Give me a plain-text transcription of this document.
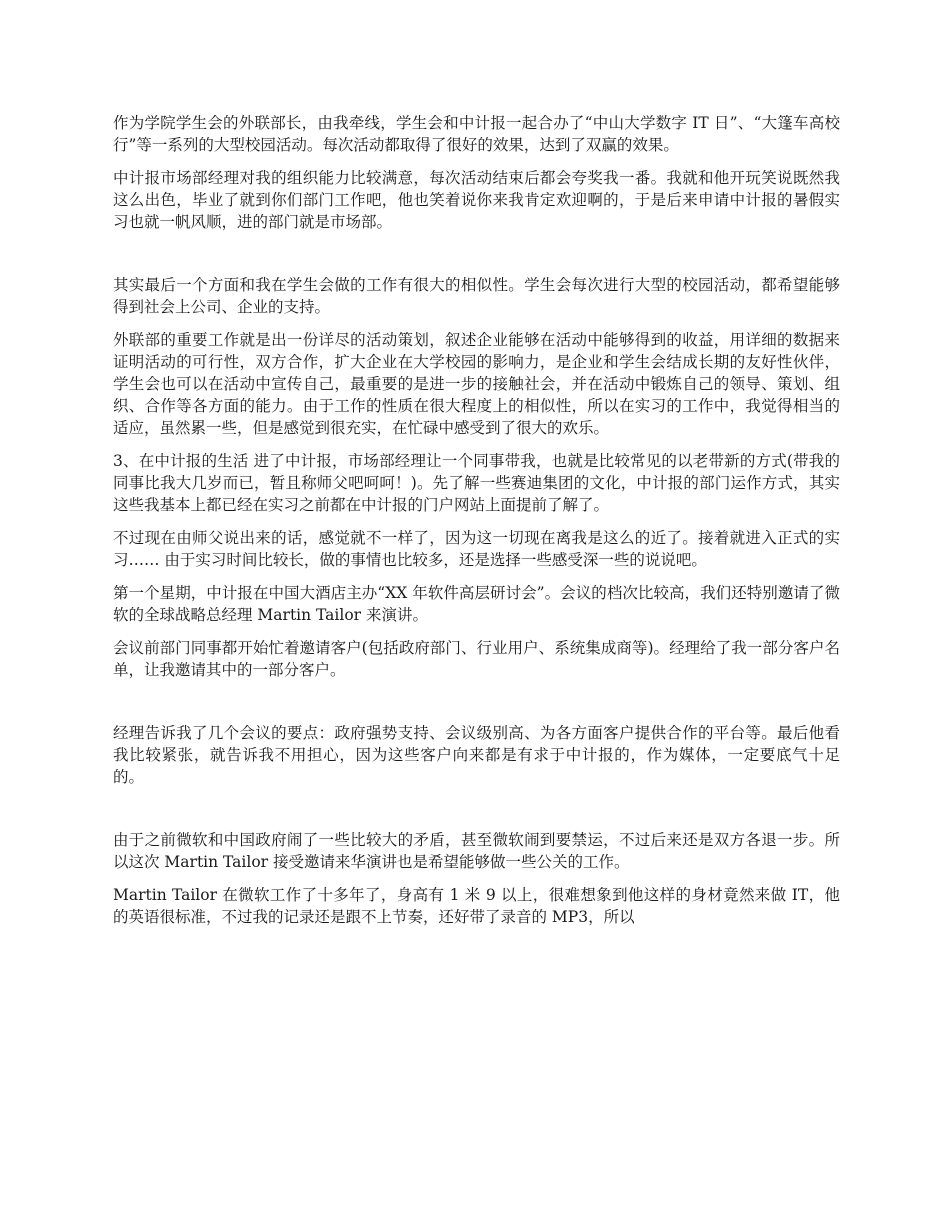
作为学院学生会的外联部长，由我牵线，学生会和中计报一起合办了“中山大学数字 IT 日”、“大篷车高校行”等一系列的大型校园活动。每次活动都取得了很好的效果，达到了双赢的效果。

中计报市场部经理对我的组织能力比较满意，每次活动结束后都会夸奖我一番。我就和他开玩笑说既然我这么出色，毕业了就到你们部门工作吧，他也笑着说你来我肯定欢迎啊的，于是后来申请中计报的暑假实习也就一帆风顺，进的部门就是市场部。

其实最后一个方面和我在学生会做的工作有很大的相似性。学生会每次进行大型的校园活动，都希望能够得到社会上公司、企业的支持。

外联部的重要工作就是出一份详尽的活动策划，叙述企业能够在活动中能够得到的收益，用详细的数据来证明活动的可行性，双方合作，扩大企业在大学校园的影响力，是企业和学生会结成长期的友好性伙伴，学生会也可以在活动中宣传自己，最重要的是进一步的接触社会，并在活动中锻炼自己的领导、策划、组织、合作等各方面的能力。由于工作的性质在很大程度上的相似性，所以在实习的工作中，我觉得相当的适应，虽然累一些，但是感觉到很充实，在忙碌中感受到了很大的欢乐。

3、在中计报的生活 进了中计报，市场部经理让一个同事带我，也就是比较常见的以老带新的方式(带我的同事比我大几岁而已，暂且称师父吧呵呵！)。先了解一些赛迪集团的文化，中计报的部门运作方式，其实这些我基本上都已经在实习之前都在中计报的门户网站上面提前了解了。

不过现在由师父说出来的话，感觉就不一样了，因为这一切现在离我是这么的近了。接着就进入正式的实习…… 由于实习时间比较长，做的事情也比较多，还是选择一些感受深一些的说说吧。

第一个星期，中计报在中国大酒店主办“XX 年软件高层研讨会”。会议的档次比较高，我们还特别邀请了微软的全球战略总经理 Martin Tailor 来演讲。

会议前部门同事都开始忙着邀请客户(包括政府部门、行业用户、系统集成商等)。经理给了我一部分客户名单，让我邀请其中的一部分客户。

经理告诉我了几个会议的要点：政府强势支持、会议级别高、为各方面客户提供合作的平台等。最后他看我比较紧张，就告诉我不用担心，因为这些客户向来都是有求于中计报的，作为媒体，一定要底气十足的。

由于之前微软和中国政府闹了一些比较大的矛盾，甚至微软闹到要禁运，不过后来还是双方各退一步。所以这次 Martin Tailor 接受邀请来华演讲也是希望能够做一些公关的工作。

Martin Tailor 在微软工作了十多年了，身高有 1 米 9 以上，很难想象到他这样的身材竟然来做 IT，他的英语很标准，不过我的记录还是跟不上节奏，还好带了录音的 MP3，所以
